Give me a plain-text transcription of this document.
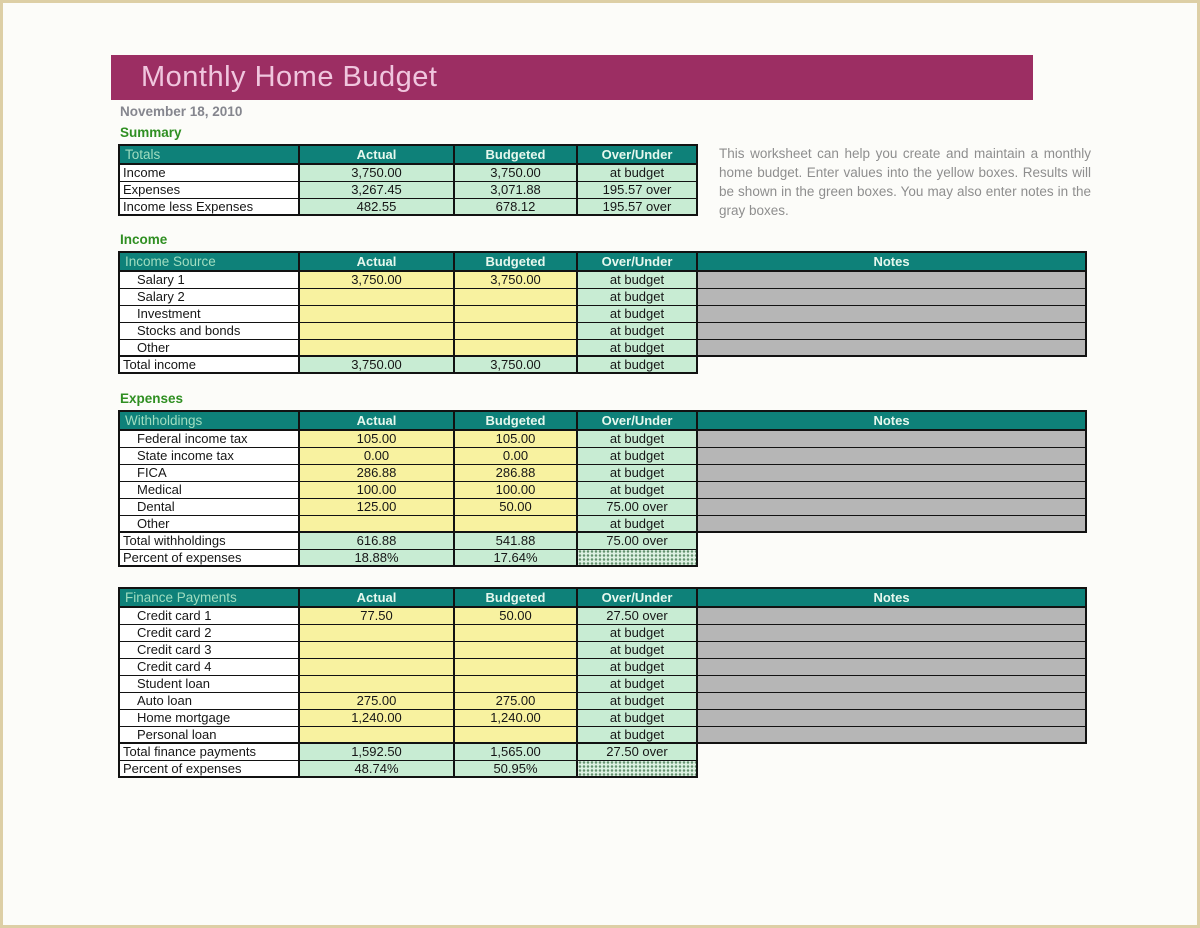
Monthly Home Budget
November 18, 2010
Summary
Totals	Actual	Budgeted	Over/Under
Income	3,750.00	3,750.00	at budget
Expenses	3,267.45	3,071.88	195.57 over
Income less Expenses	482.55	678.12	195.57 over
This worksheet can help you create and maintain a monthly home budget. Enter values into the yellow boxes. Results will be shown in the green boxes. You may also enter notes in the gray boxes.
Income
Income Source	Actual	Budgeted	Over/Under	Notes
Salary 1	3,750.00	3,750.00	at budget	
Salary 2			at budget	
Investment			at budget	
Stocks and bonds			at budget	
Other			at budget	
Total income	3,750.00	3,750.00	at budget	
Expenses
Withholdings	Actual	Budgeted	Over/Under	Notes
Federal income tax	105.00	105.00	at budget	
State income tax	0.00	0.00	at budget	
FICA	286.88	286.88	at budget	
Medical	100.00	100.00	at budget	
Dental	125.00	50.00	75.00 over	
Other			at budget	
Total withholdings	616.88	541.88	75.00 over	
Percent of expenses	18.88%	17.64%		
Finance Payments	Actual	Budgeted	Over/Under	Notes
Credit card 1	77.50	50.00	27.50 over	
Credit card 2			at budget	
Credit card 3			at budget	
Credit card 4			at budget	
Student loan			at budget	
Auto loan	275.00	275.00	at budget	
Home mortgage	1,240.00	1,240.00	at budget	
Personal loan			at budget	
Total finance payments	1,592.50	1,565.00	27.50 over	
Percent of expenses	48.74%	50.95%		
